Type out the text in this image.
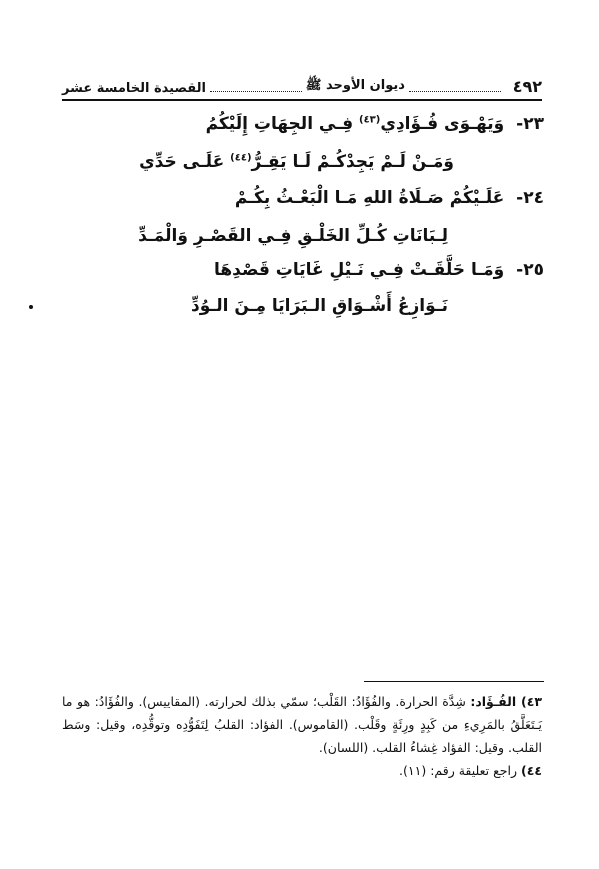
٤٩٢
ديوان الأوحد ﷺ
القصيدة الخامسة عشر
٢٣- وَيَهْـوَى فُـؤَادِي$^{(٤٣)}$ فِـي الجِهَاتِ إِلَيْكُمُ
وَمَـنْ لَـمْ يَجِدْكُـمْ لَـا يَقِـرُّ$^{(٤٤)}$ عَلَـى حَدِّي
٢٤- عَلَـيْكُمْ صَـلَاةُ اللهِ مَـا الْبَعْـثُ بِكُـمْ
لِـبَانَاتِ كُـلِّ الخَلْـقِ فِـي القَصْـرِ وَالْمَـدِّ
٢٥- وَمَـا حَلَّقَـتْ فِـي نَـيْلِ غَايَاتِ قَصْدِهَا
نَـوَازِعُ أَشْـوَاقِ الـبَرَايَا مِـنَ الـوُدِّ

٤٣) الفُـؤَاد: شِدَّة الحرارة. والفُؤَادُ: القَلْب؛ سمّي بذلك لحرارته. (المقاييس). والفُؤَادُ: هو ما يَـتَعَلَّقُ بالمَرِيءِ من كَبِدٍ ورِئَةٍ وقَلْب. (القاموس). الفؤاد: القلبُ لِتَفَوُّدِه وتوقُّدِه، وقيل: وسَط القلب. وقيل: الفؤاد غِشاءُ القلب. (اللسان).

٤٤) راجع تعليقة رقم: (١١).
